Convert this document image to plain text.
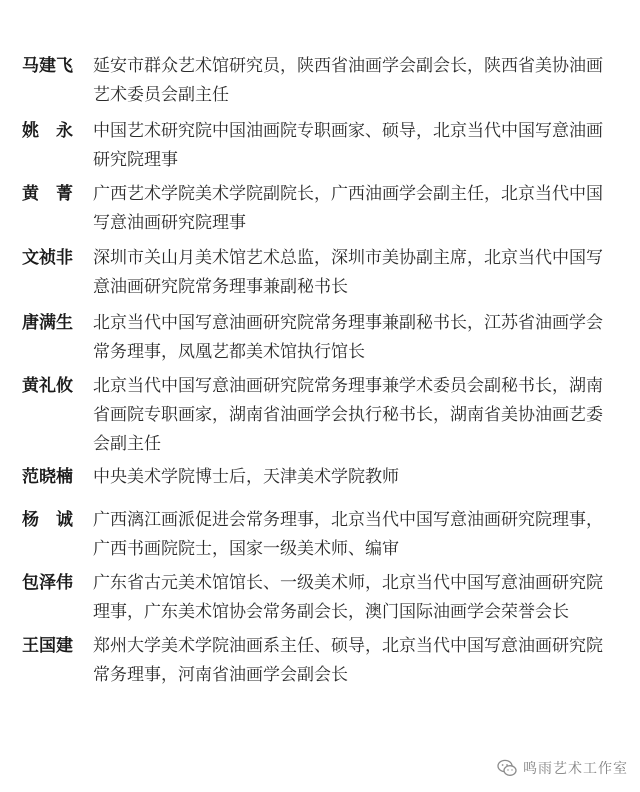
马建飞	延安市群众艺术馆研究员，陕西省油画学会副会长，陕西省美协油画
艺术委员会副主任
姚　永	中国艺术研究院中国油画院专职画家、硕导，北京当代中国写意油画
研究院理事
黄　菁	广西艺术学院美术学院副院长，广西油画学会副主任，北京当代中国
写意油画研究院理事
文祯非	深圳市关山月美术馆艺术总监，深圳市美协副主席，北京当代中国写
意油画研究院常务理事兼副秘书长
唐满生	北京当代中国写意油画研究院常务理事兼副秘书长，江苏省油画学会
常务理事，凤凰艺都美术馆执行馆长
黄礼攸	北京当代中国写意油画研究院常务理事兼学术委员会副秘书长，湖南
省画院专职画家，湖南省油画学会执行秘书长，湖南省美协油画艺委
会副主任
范晓楠	中央美术学院博士后，天津美术学院教师
杨　诚	广西漓江画派促进会常务理事，北京当代中国写意油画研究院理事，
广西书画院院士，国家一级美术师、编审
包泽伟	广东省古元美术馆馆长、一级美术师，北京当代中国写意油画研究院
理事，广东美术馆协会常务副会长，澳门国际油画学会荣誉会长
王国建	郑州大学美术学院油画系主任、硕导，北京当代中国写意油画研究院
常务理事，河南省油画学会副会长
鸣雨艺术工作室
